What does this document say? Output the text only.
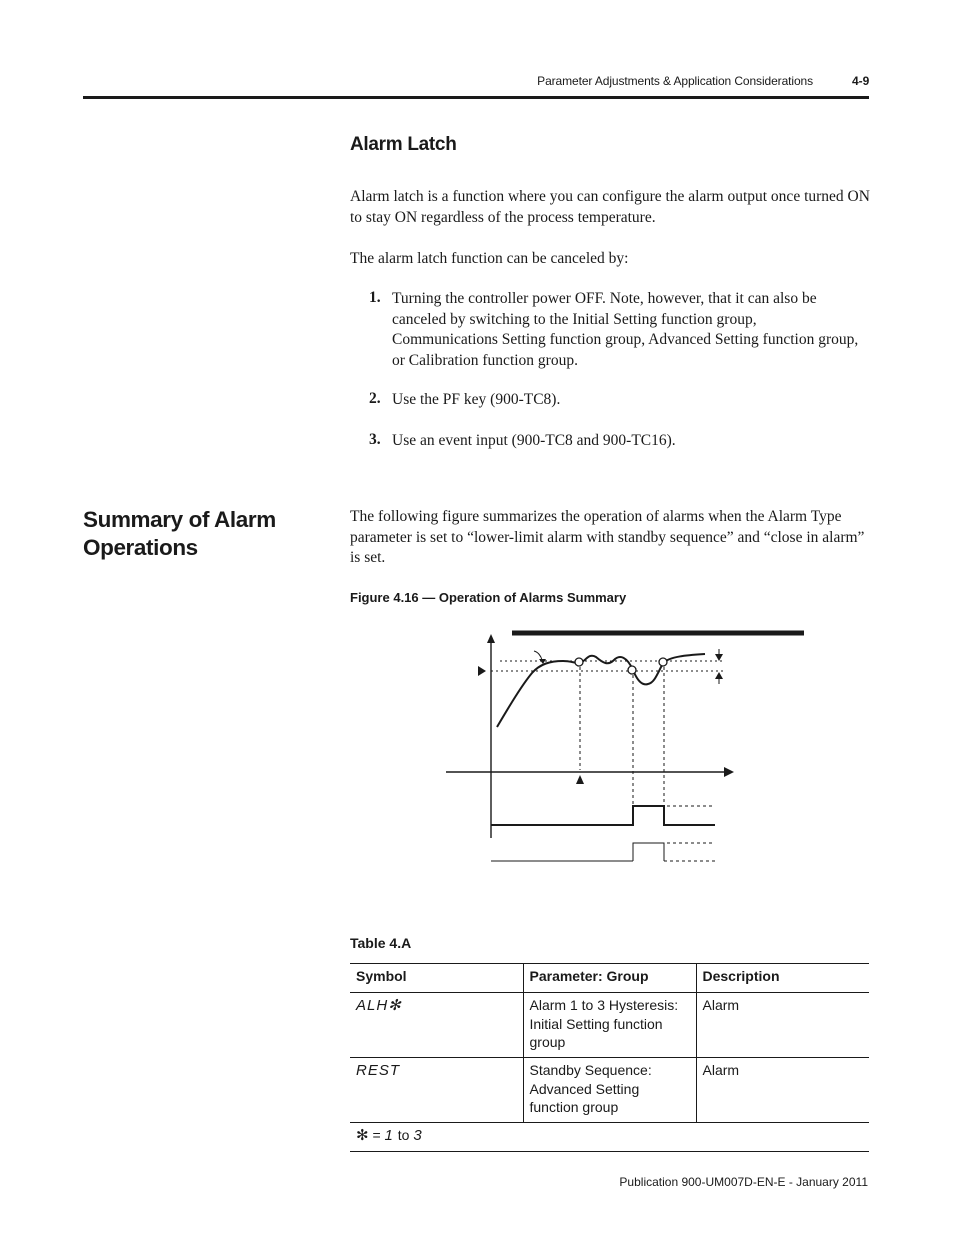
Parameter Adjustments & Application Considerations	4-9
Alarm Latch

Alarm latch is a function where you can configure the alarm output once turned ON to stay ON regardless of the process temperature.

The alarm latch function can be canceled by:

1. Turning the controller power OFF. Note, however, that it can also be canceled by switching to the Initial Setting function group, Communications Setting function group, Advanced Setting function group, or Calibration function group.
2. Use the PF key (900-TC8).
3. Use an event input (900-TC8 and 900-TC16).
Summary of Alarm Operations

The following figure summarizes the operation of alarms when the Alarm Type parameter is set to “lower-limit alarm with standby sequence” and “close in alarm” is set.

Figure 4.16 — Operation of Alarms Summary
Table 4.A
Symbol	Parameter: Group	Description
ALH✻	Alarm 1 to 3 Hysteresis: Initial Setting function group	Alarm
REST	Standby Sequence: Advanced Setting function group	Alarm
✻ = 1 to 3		
Publication 900-UM007D-EN-E - January 2011
